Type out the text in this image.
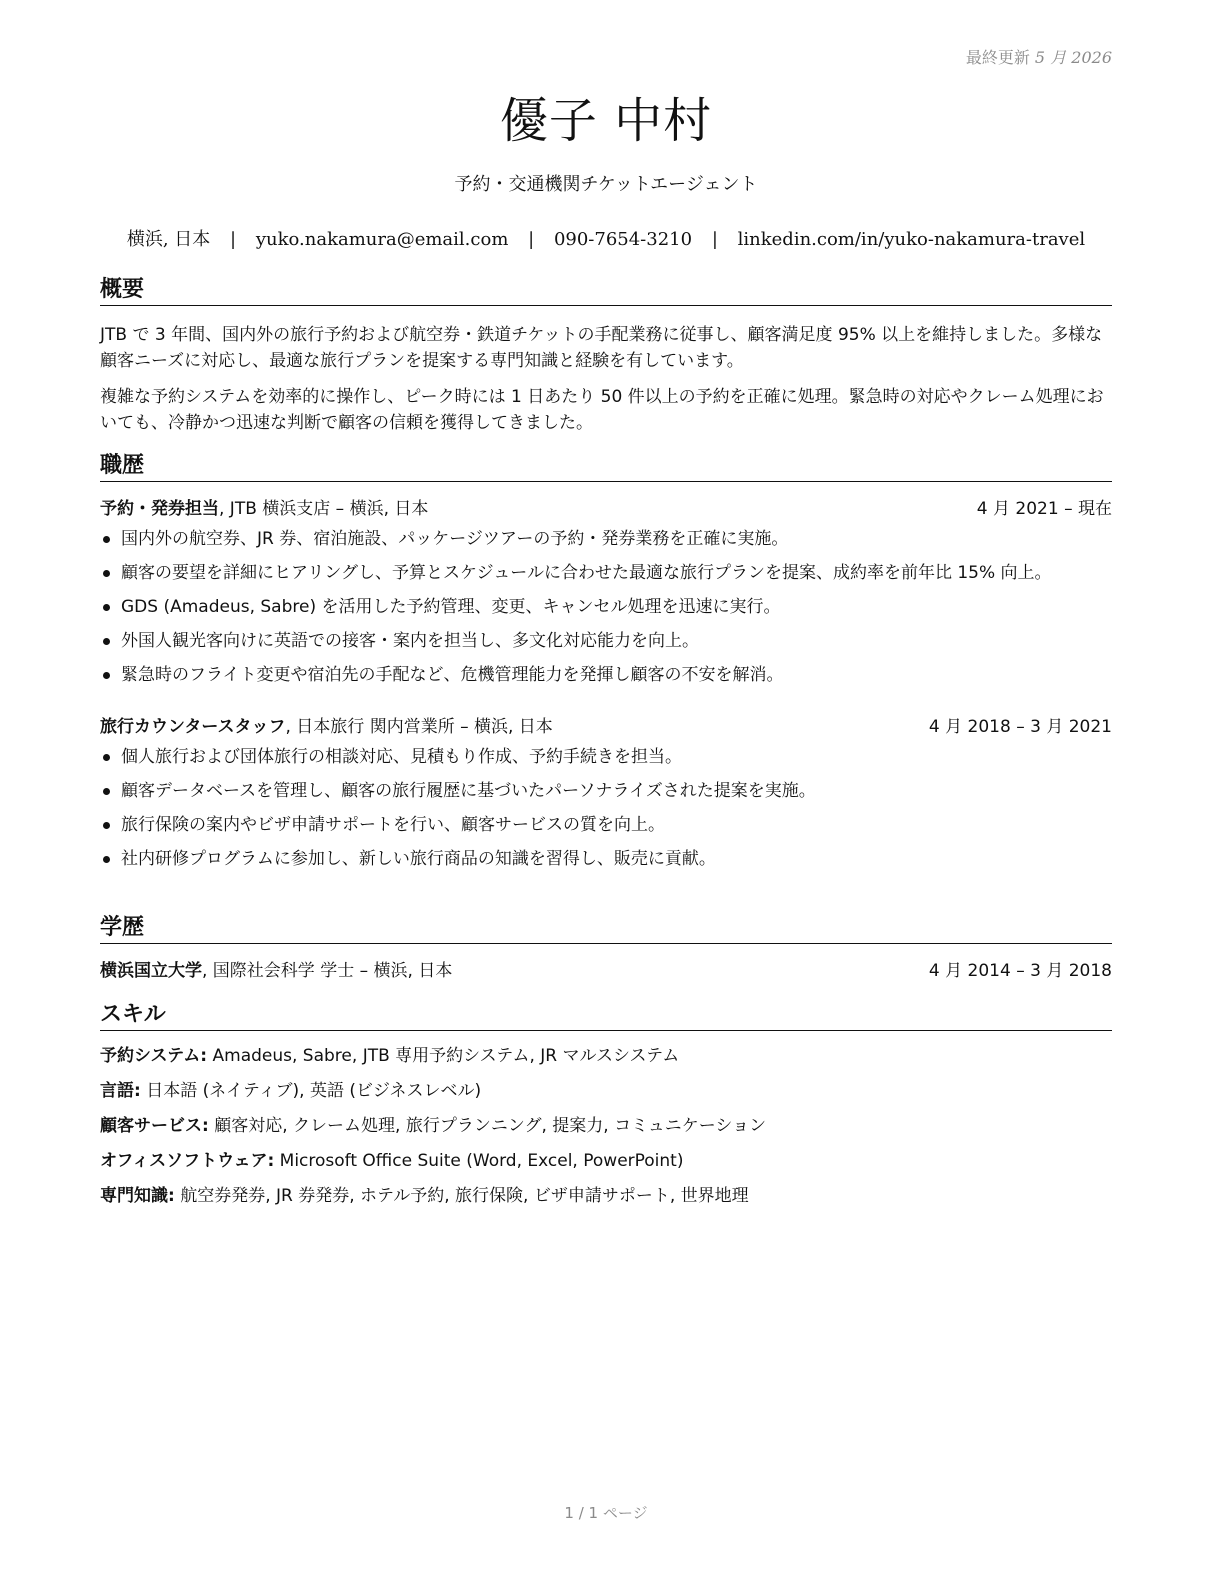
最終更新 5 月 2026
優子 中村
予約・交通機関チケットエージェント
横浜, 日本 | yuko.nakamura@email.com | 090-7654-3210 | linkedin.com/in/yuko-nakamura-travel
概要

JTB で 3 年間、国内外の旅行予約および航空券・鉄道チケットの手配業務に従事し、顧客満足度 95% 以上を維持しました。多様な顧客ニーズに対応し、最適な旅行プランを提案する専門知識と経験を有しています。

複雑な予約システムを効率的に操作し、ピーク時には 1 日あたり 50 件以上の予約を正確に処理。緊急時の対応やクレーム処理においても、冷静かつ迅速な判断で顧客の信頼を獲得してきました。

職歴
予約・発券担当, JTB 横浜支店 – 横浜, 日本	4 月 2021 – 現在
国内外の航空券、JR 券、宿泊施設、パッケージツアーの予約・発券業務を正確に実施。
顧客の要望を詳細にヒアリングし、予算とスケジュールに合わせた最適な旅行プランを提案、成約率を前年比 15% 向上。
GDS (Amadeus, Sabre) を活用した予約管理、変更、キャンセル処理を迅速に実行。
外国人観光客向けに英語での接客・案内を担当し、多文化対応能力を向上。
緊急時のフライト変更や宿泊先の手配など、危機管理能力を発揮し顧客の不安を解消。
旅行カウンタースタッフ, 日本旅行 関内営業所 – 横浜, 日本	4 月 2018 – 3 月 2021
個人旅行および団体旅行の相談対応、見積もり作成、予約手続きを担当。
顧客データベースを管理し、顧客の旅行履歴に基づいたパーソナライズされた提案を実施。
旅行保険の案内やビザ申請サポートを行い、顧客サービスの質を向上。
社内研修プログラムに参加し、新しい旅行商品の知識を習得し、販売に貢献。
学歴
横浜国立大学, 国際社会科学 学士 – 横浜, 日本	4 月 2014 – 3 月 2018
スキル
予約システム: Amadeus, Sabre, JTB 専用予約システム, JR マルスシステム
言語: 日本語 (ネイティブ), 英語 (ビジネスレベル)
顧客サービス: 顧客対応, クレーム処理, 旅行プランニング, 提案力, コミュニケーション
オフィスソフトウェア: Microsoft Office Suite (Word, Excel, PowerPoint)
専門知識: 航空券発券, JR 券発券, ホテル予約, 旅行保険, ビザ申請サポート, 世界地理
1 / 1 ページ
